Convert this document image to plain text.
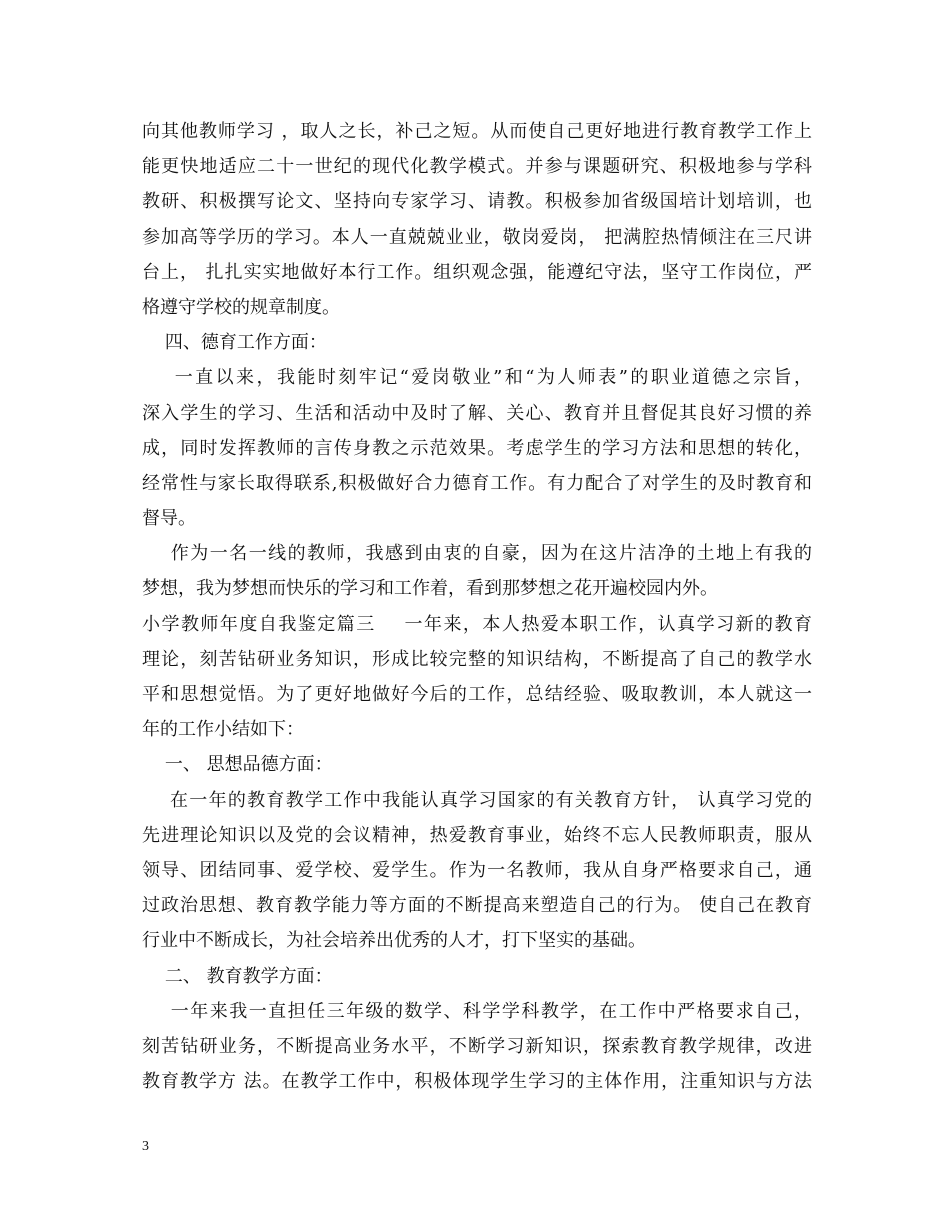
向其他教师学习 ，取人之长，补己之短。从而使自己更好地进行教育教学工作上
能更快地适应二十一世纪的现代化教学模式。并参与课题研究、积极地参与学科
教研、积极撰写论文、坚持向专家学习、请教。积极参加省级国培计划培训，也
参加高等学历的学习。本人一直兢兢业业，敬岗爱岗， 把满腔热情倾注在三尺讲
台上， 扎扎实实地做好本行工作。组织观念强，能遵纪守法，坚守工作岗位，严
格遵守学校的规章制度。
四、德育工作方面：
一直以来，我能时刻牢记“爱岗敬业”和“为人师表”的职业道德之宗旨，
深入学生的学习、生活和活动中及时了解、关心、教育并且督促其良好习惯的养
成，同时发挥教师的言传身教之示范效果。考虑学生的学习方法和思想的转化，
经常性与家长取得联系,积极做好合力德育工作。有力配合了对学生的及时教育和
督导。
作为一名一线的教师，我感到由衷的自豪，因为在这片洁净的土地上有我的
梦想，我为梦想而快乐的学习和工作着，看到那梦想之花开遍校园内外。
小学教师年度自我鉴定篇三    一年来，本人热爱本职工作，认真学习新的教育
理论，刻苦钻研业务知识，形成比较完整的知识结构，不断提高了自己的教学水
平和思想觉悟。为了更好地做好今后的工作，总结经验、吸取教训，本人就这一
年的工作小结如下：
一、 思想品德方面：
在一年的教育教学工作中我能认真学习国家的有关教育方针， 认真学习党的
先进理论知识以及党的会议精神，热爱教育事业，始终不忘人民教师职责，服从
领导、团结同事、爱学校、爱学生。作为一名教师，我从自身严格要求自己，通
过政治思想、教育教学能力等方面的不断提高来塑造自己的行为。 使自己在教育
行业中不断成长，为社会培养出优秀的人才，打下坚实的基础。
二、 教育教学方面：
一年来我一直担任三年级的数学、科学学科教学，在工作中严格要求自己，
刻苦钻研业务，不断提高业务水平，不断学习新知识，探索教育教学规律，改进
教育教学方 法。在教学工作中，积极体现学生学习的主体作用，注重知识与方法
3
